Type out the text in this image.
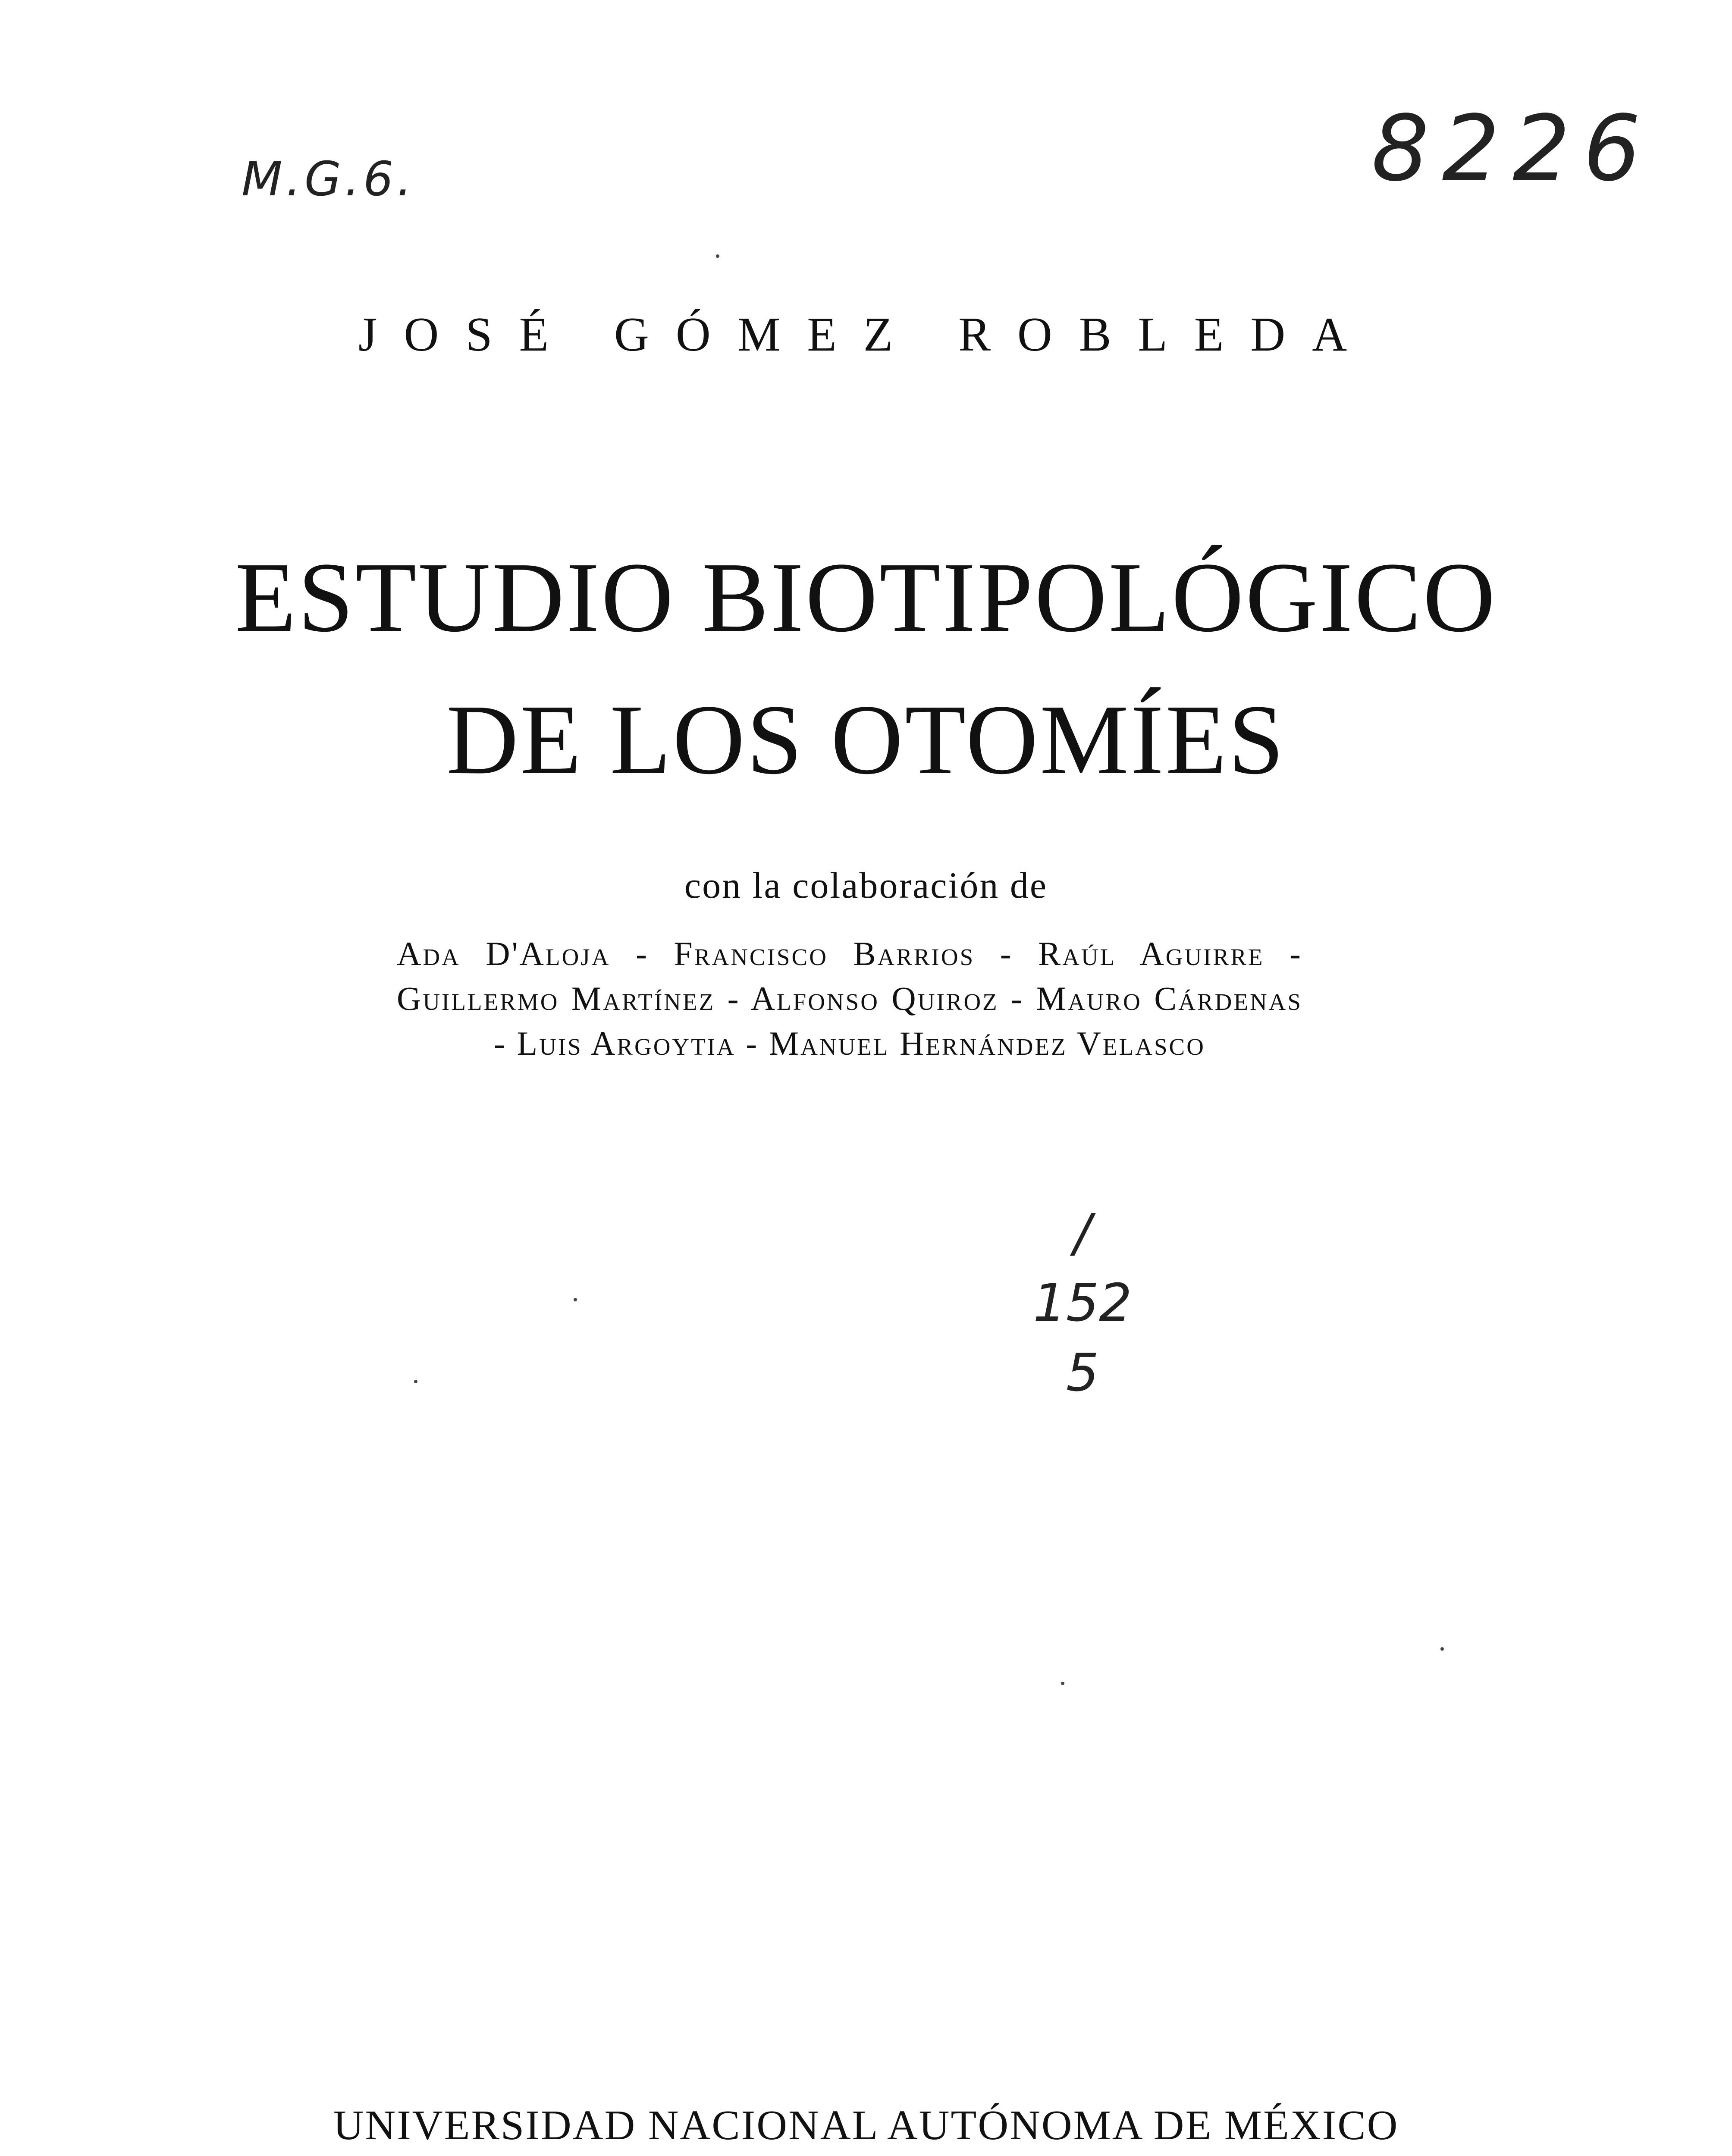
M.G.6.	8226
/
152
5
JOSÉ GÓMEZ ROBLEDA
ESTUDIO BIOTIPOLÓGICO
DE LOS OTOMÍES
con la colaboración de
Ada D'Aloja - Francisco Barrios - Raúl Aguirre - Guillermo Martínez - Alfonso Quiroz - Mauro Cárdenas - Luis Argoytia - Manuel Hernández Velasco
UNIVERSIDAD NACIONAL AUTÓNOMA DE MÉXICO
